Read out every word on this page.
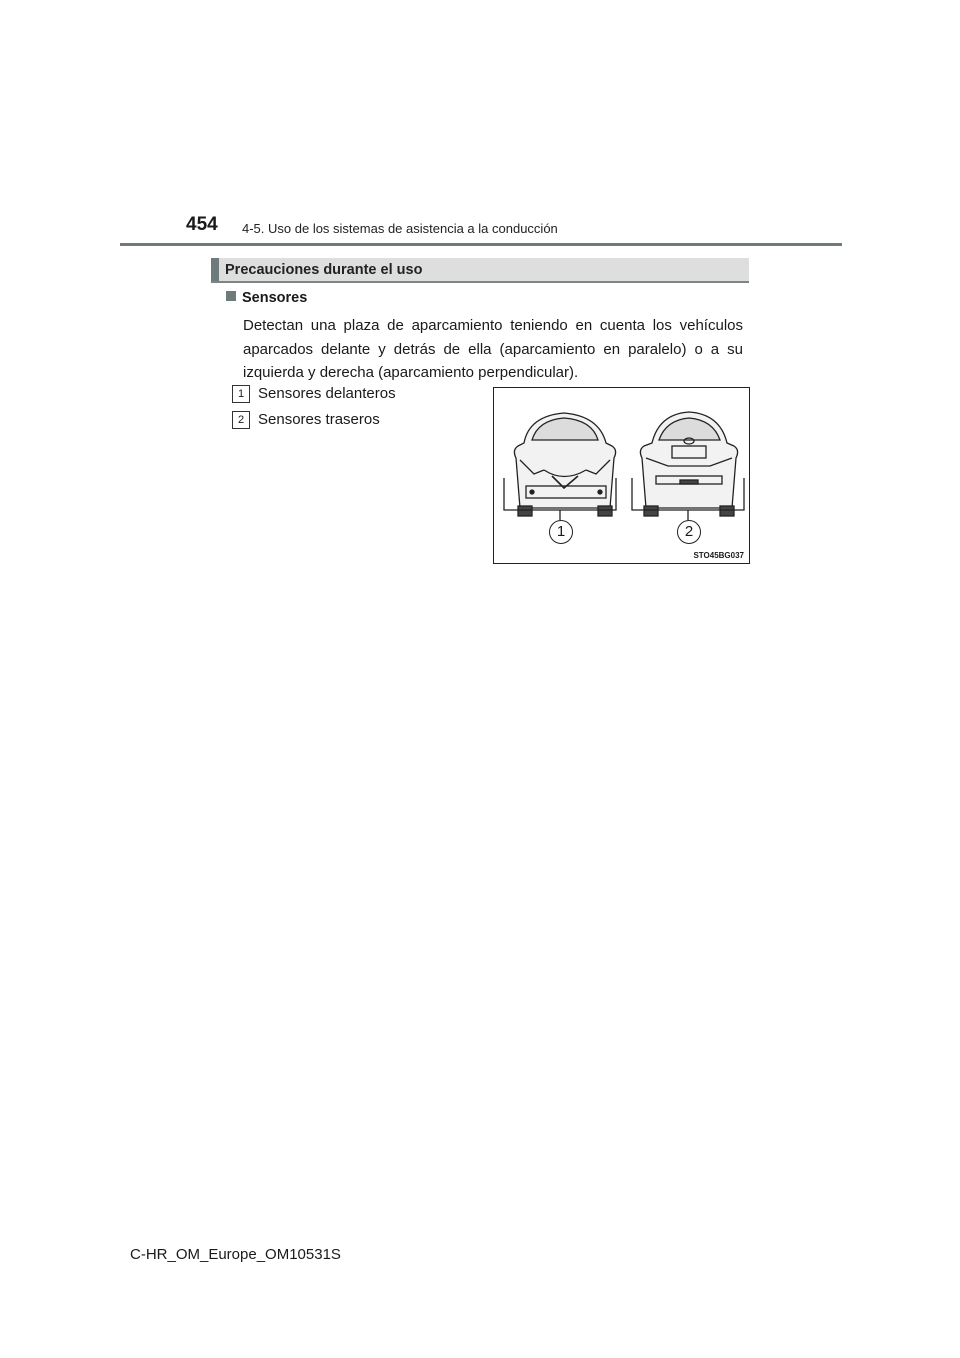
454 4-5. Uso de los sistemas de asistencia a la conducción
Precauciones durante el uso
Sensores
Detectan una plaza de aparcamiento teniendo en cuenta los vehículos aparcados delante y detrás de ella (aparcamiento en paralelo) o a su izquierda y derecha (aparcamiento perpendicular).
1 Sensores delanteros
2 Sensores traseros
1	2
STO45BG037
C-HR_OM_Europe_OM10531S
